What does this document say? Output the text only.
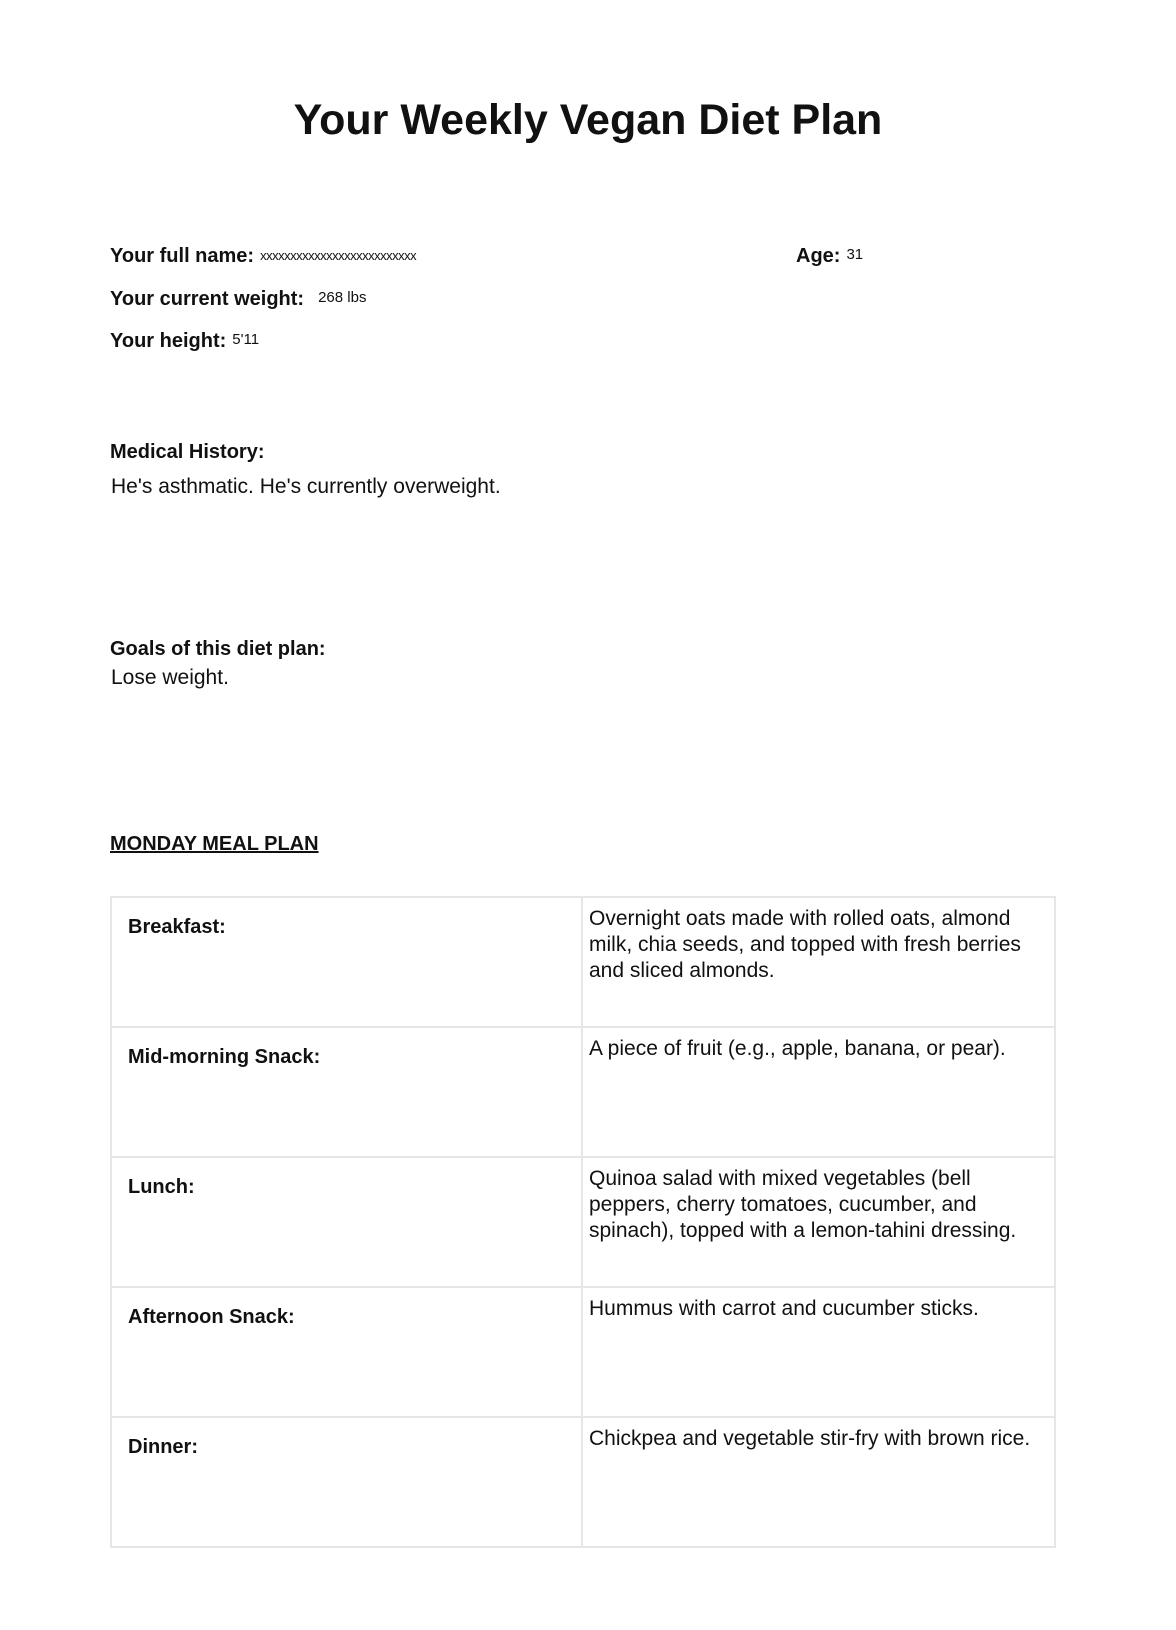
Your Weekly Vegan Diet Plan
Your full name: xxxxxxxxxxxxxxxxxxxxxxxxxx	Age: 31
Your current weight: 268 lbs
Your height: 5'11
Medical History:
He's asthmatic. He's currently overweight.
Goals of this diet plan:
Lose weight.
MONDAY MEAL PLAN
Breakfast:	Overnight oats made with rolled oats, almond milk, chia seeds, and topped with fresh berries and sliced almonds.
Mid-morning Snack:	A piece of fruit (e.g., apple, banana, or pear).
Lunch:	Quinoa salad with mixed vegetables (bell peppers, cherry tomatoes, cucumber, and spinach), topped with a lemon-tahini dressing.
Afternoon Snack:	Hummus with carrot and cucumber sticks.
Dinner:	Chickpea and vegetable stir-fry with brown rice.
